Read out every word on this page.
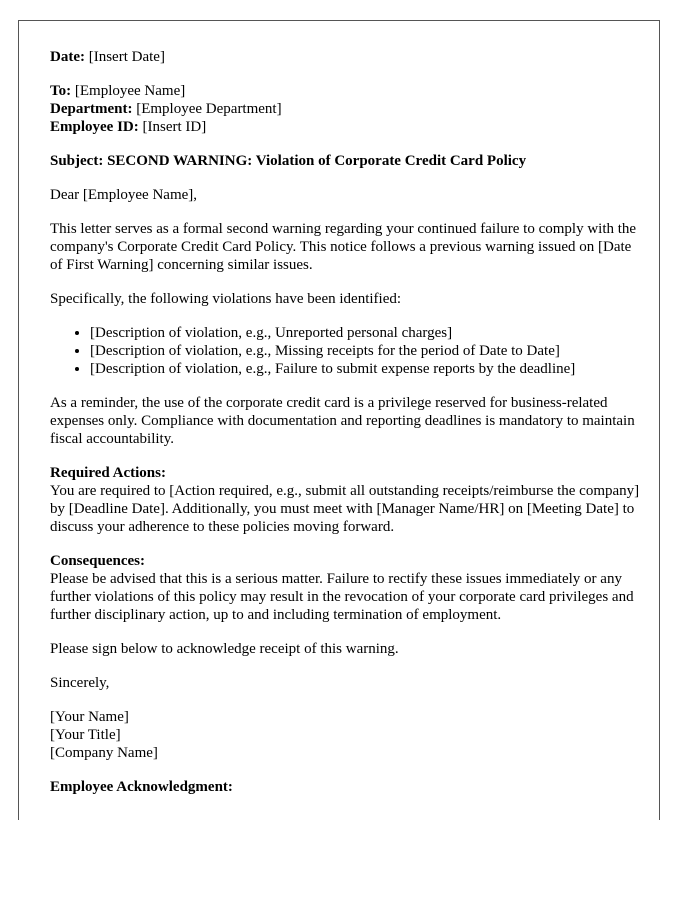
Date: [Insert Date]
To: [Employee Name]
Department: [Employee Department]
Employee ID: [Insert ID]

Subject: SECOND WARNING: Violation of Corporate Credit Card Policy

Dear [Employee Name],

This letter serves as a formal second warning regarding your continued failure to comply with the company's Corporate Credit Card Policy. This notice follows a previous warning issued on [Date of First Warning] concerning similar issues.

Specifically, the following violations have been identified:

• [Description of violation, e.g., Unreported personal charges]
• [Description of violation, e.g., Missing receipts for the period of Date to Date]
• [Description of violation, e.g., Failure to submit expense reports by the deadline]

As a reminder, the use of the corporate credit card is a privilege reserved for business-related expenses only. Compliance with documentation and reporting deadlines is mandatory to maintain fiscal accountability.

Required Actions:
You are required to [Action required, e.g., submit all outstanding receipts/reimburse the company] by [Deadline Date]. Additionally, you must meet with [Manager Name/HR] on [Meeting Date] to discuss your adherence to these policies moving forward.
Consequences:
Please be advised that this is a serious matter. Failure to rectify these issues immediately or any further violations of this policy may result in the revocation of your corporate card privileges and further disciplinary action, up to and including termination of employment.

Please sign below to acknowledge receipt of this warning.

Sincerely,

[Your Name]
[Your Title]
[Company Name]
Employee Acknowledgment:
